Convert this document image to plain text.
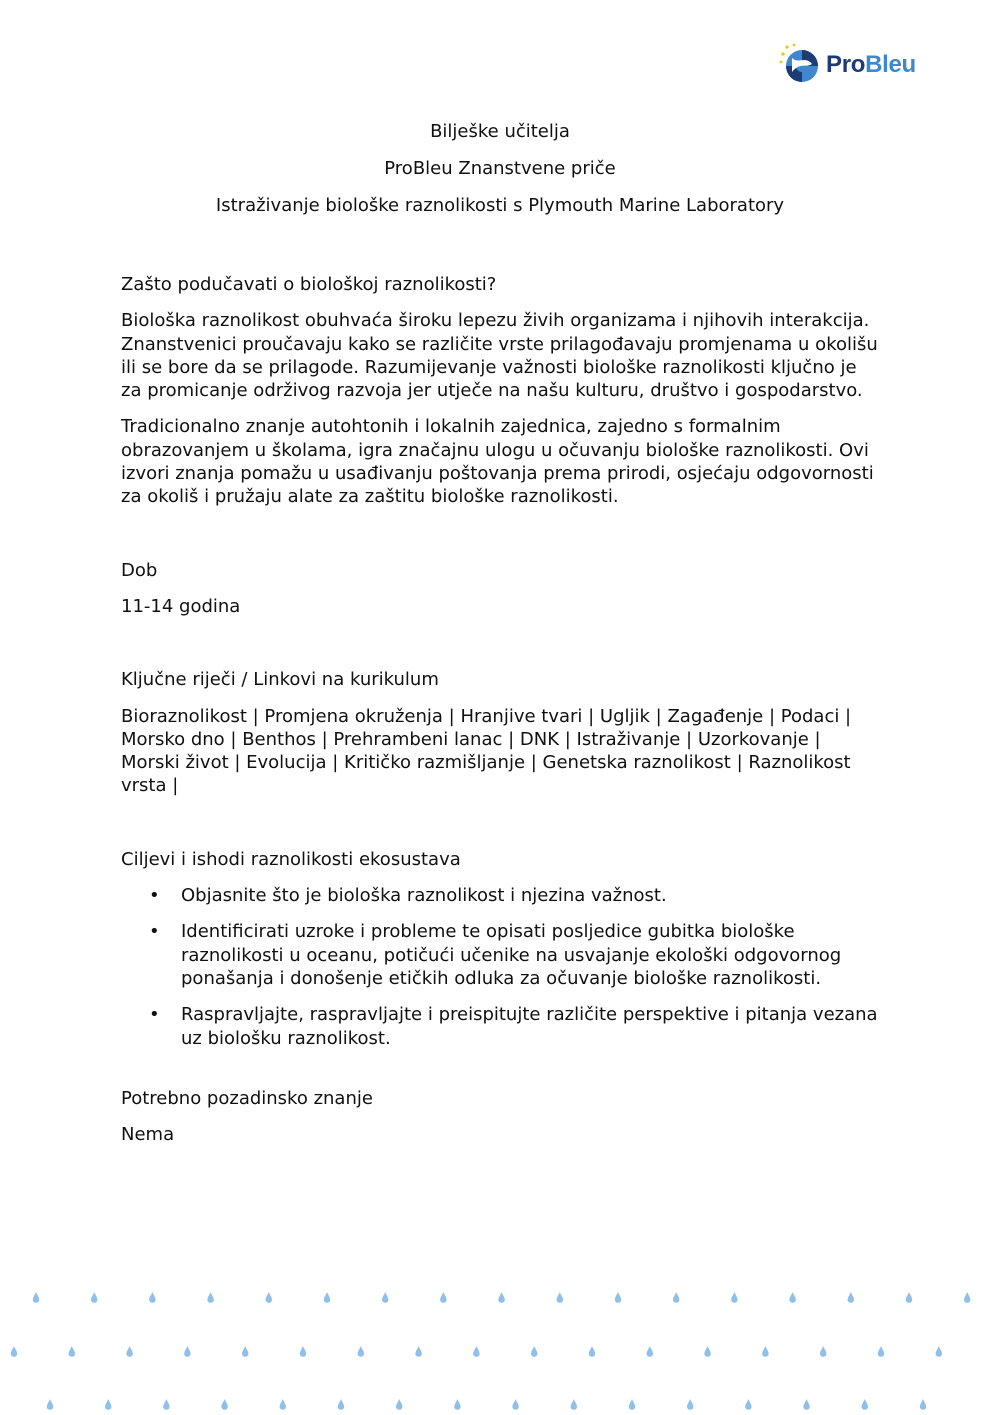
ProBleu
Bilješke učitelja
ProBleu Znanstvene priče
Istraživanje biološke raznolikosti s Plymouth Marine Laboratory

Zašto podučavati o biološkoj raznolikosti?

Biološka raznolikost obuhvaća široku lepezu živih organizama i njihovih interakcija. Znanstvenici proučavaju kako se različite vrste prilagođavaju promjenama u okolišu ili se bore da se prilagode. Razumijevanje važnosti biološke raznolikosti ključno je za promicanje održivog razvoja jer utječe na našu kulturu, društvo i gospodarstvo.

Tradicionalno znanje autohtonih i lokalnih zajednica, zajedno s formalnim obrazovanjem u školama, igra značajnu ulogu u očuvanju biološke raznolikosti. Ovi izvori znanja pomažu u usađivanju poštovanja prema prirodi, osjećaju odgovornosti za okoliš i pružaju alate za zaštitu biološke raznolikosti.

Dob

11-14 godina

Ključne riječi / Linkovi na kurikulum

Bioraznolikost | Promjena okruženja | Hranjive tvari | Ugljik | Zagađenje | Podaci | Morsko dno | Benthos | Prehrambeni lanac | DNK | Istraživanje | Uzorkovanje | Morski život | Evolucija | Kritičko razmišljanje | Genetska raznolikost | Raznolikost vrsta |

Ciljevi i ishodi raznolikosti ekosustava

• Objasnite što je biološka raznolikost i njezina važnost.
• Identificirati uzroke i probleme te opisati posljedice gubitka biološke raznolikosti u oceanu, potičući učenike na usvajanje ekološki odgovornog ponašanja i donošenje etičkih odluka za očuvanje biološke raznolikosti.
• Raspravljajte, raspravljajte i preispitujte različite perspektive i pitanja vezana uz biološku raznolikost.

Potrebno pozadinsko znanje

Nema
